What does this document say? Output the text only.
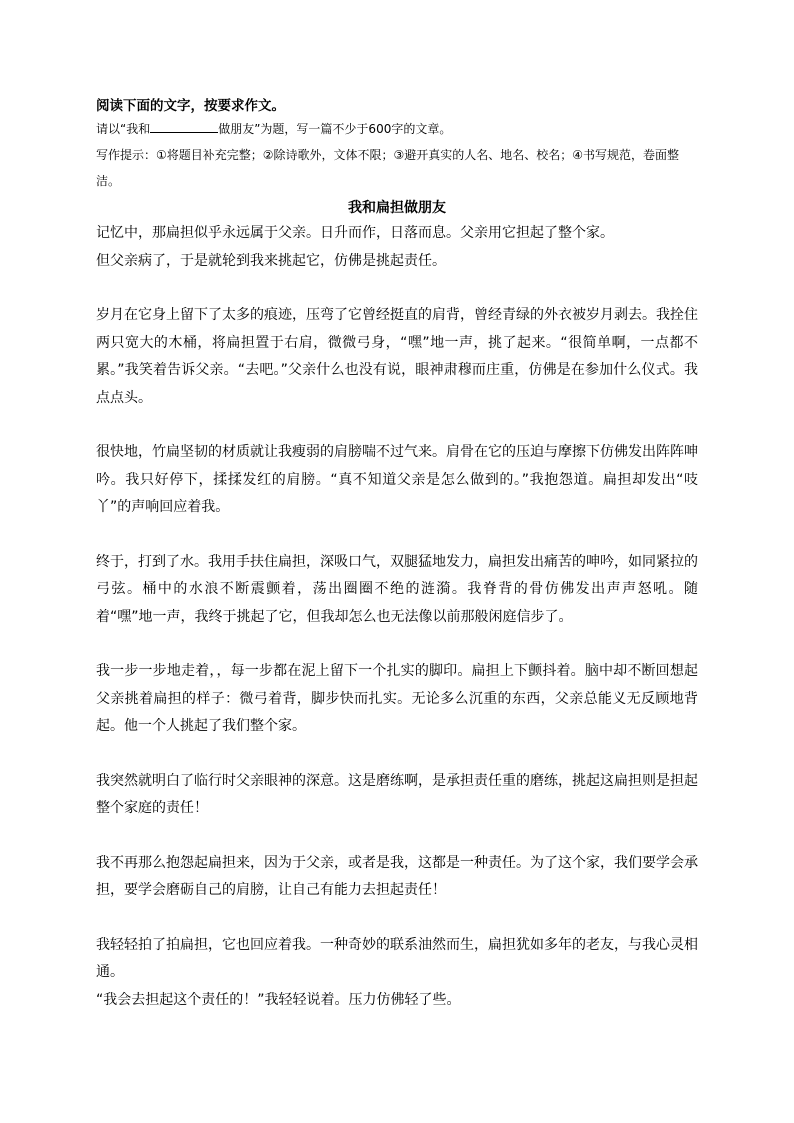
阅读下面的文字，按要求作文。

请以“我和	做朋友”为题，写一篇不少于600字的文章。

写作提示：①将题目补充完整；②除诗歌外，文体不限；③避开真实的人名、地名、校名；④书写规范，卷面整洁。

我和扁担做朋友

记忆中，那扁担似乎永远属于父亲。日升而作，日落而息。父亲用它担起了整个家。

但父亲病了，于是就轮到我来挑起它，仿佛是挑起责任。

岁月在它身上留下了太多的痕迹，压弯了它曾经挺直的肩背，曾经青绿的外衣被岁月剥去。我拴住两只宽大的木桶，将扁担置于右肩，微微弓身，“嘿”地一声，挑了起来。“很简单啊，一点都不累。”我笑着告诉父亲。“去吧。”父亲什么也没有说，眼神肃穆而庄重，仿佛是在参加什么仪式。我点点头。

很快地，竹扁坚韧的材质就让我瘦弱的肩膀喘不过气来。肩骨在它的压迫与摩擦下仿佛发出阵阵呻吟。我只好停下，揉揉发红的肩膀。“真不知道父亲是怎么做到的。”我抱怨道。扁担却发出“吱丫”的声响回应着我。

终于，打到了水。我用手扶住扁担，深吸口气，双腿猛地发力，扁担发出痛苦的呻吟，如同紧拉的弓弦。桶中的水浪不断震颤着，荡出圈圈不绝的涟漪。我脊背的骨仿佛发出声声怒吼。随着“嘿”地一声，我终于挑起了它，但我却怎么也无法像以前那般闲庭信步了。

我一步一步地走着，，每一步都在泥上留下一个扎实的脚印。扁担上下颤抖着。脑中却不断回想起父亲挑着扁担的样子：微弓着背，脚步快而扎实。无论多么沉重的东西，父亲总能义无反顾地背起。他一个人挑起了我们整个家。

我突然就明白了临行时父亲眼神的深意。这是磨练啊，是承担责任重的磨练，挑起这扁担则是担起整个家庭的责任！

我不再那么抱怨起扁担来，因为于父亲，或者是我，这都是一种责任。为了这个家，我们要学会承担，要学会磨砺自己的肩膀，让自己有能力去担起责任！

我轻轻拍了拍扁担，它也回应着我。一种奇妙的联系油然而生，扁担犹如多年的老友，与我心灵相通。

“我会去担起这个责任的！”我轻轻说着。压力仿佛轻了些。
